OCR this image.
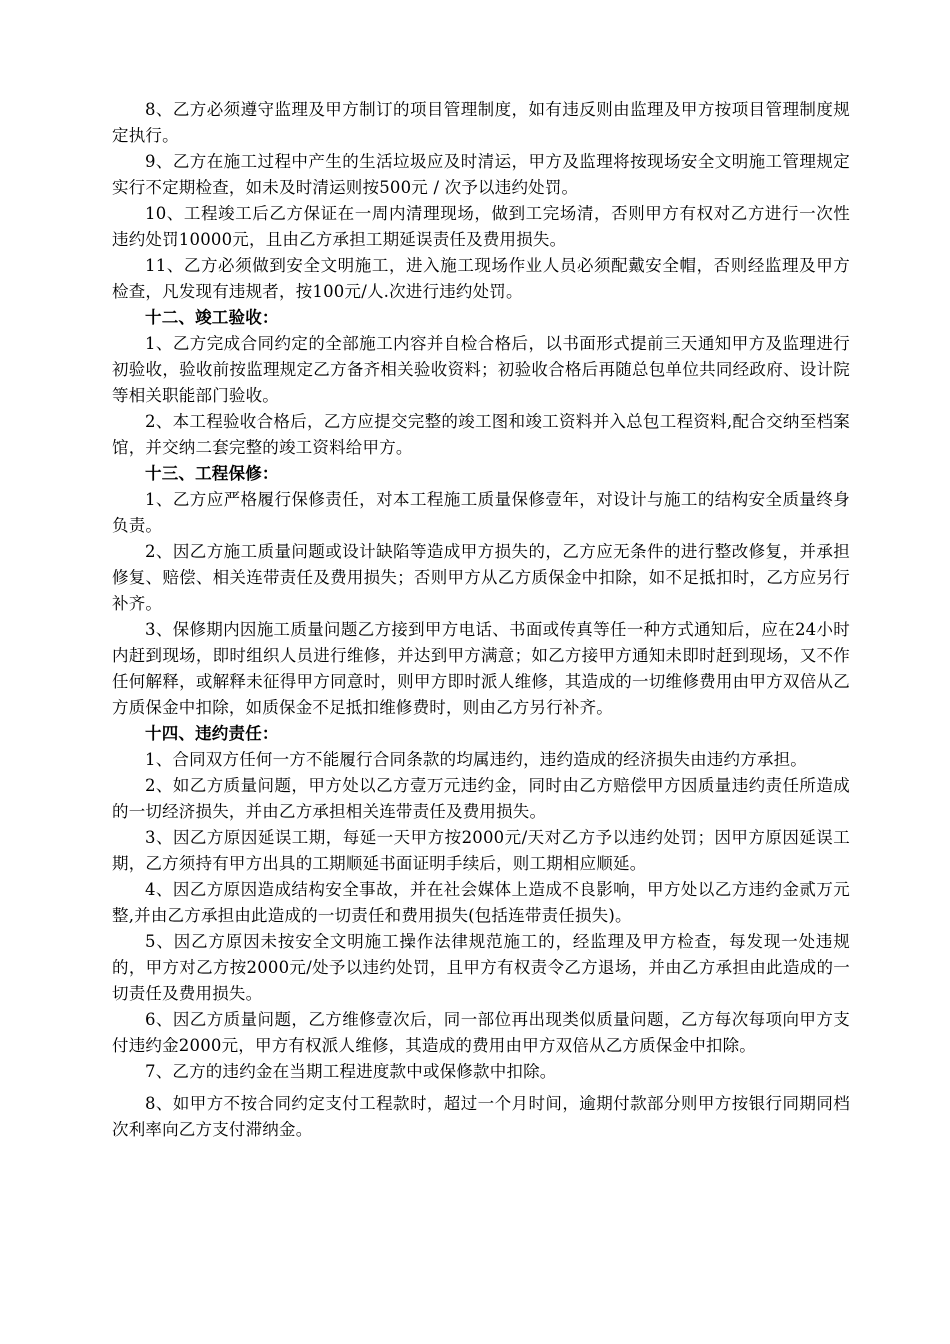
8、乙方必须遵守监理及甲方制订的项目管理制度，如有违反则由监理及甲方按项目管理制度规定执行。

9、乙方在施工过程中产生的生活垃圾应及时清运，甲方及监理将按现场安全文明施工管理规定实行不定期检查，如未及时清运则按500元 / 次予以违约处罚。

10、工程竣工后乙方保证在一周内清理现场，做到工完场清，否则甲方有权对乙方进行一次性违约处罚10000元，且由乙方承担工期延误责任及费用损失。

11、乙方必须做到安全文明施工，进入施工现场作业人员必须配戴安全帽，否则经监理及甲方检查，凡发现有违规者，按100元/人.次进行违约处罚。

十二、竣工验收：

1、乙方完成合同约定的全部施工内容并自检合格后，以书面形式提前三天通知甲方及监理进行初验收，验收前按监理规定乙方备齐相关验收资料；初验收合格后再随总包单位共同经政府、设计院等相关职能部门验收。

2、本工程验收合格后，乙方应提交完整的竣工图和竣工资料并入总包工程资料,配合交纳至档案馆，并交纳二套完整的竣工资料给甲方。

十三、工程保修：

1、乙方应严格履行保修责任，对本工程施工质量保修壹年，对设计与施工的结构安全质量终身负责。

2、因乙方施工质量问题或设计缺陷等造成甲方损失的，乙方应无条件的进行整改修复，并承担修复、赔偿、相关连带责任及费用损失；否则甲方从乙方质保金中扣除，如不足抵扣时，乙方应另行补齐。

3、保修期内因施工质量问题乙方接到甲方电话、书面或传真等任一种方式通知后，应在24小时内赶到现场，即时组织人员进行维修，并达到甲方满意；如乙方接甲方通知未即时赶到现场，又不作任何解释，或解释未征得甲方同意时，则甲方即时派人维修，其造成的一切维修费用由甲方双倍从乙方质保金中扣除，如质保金不足抵扣维修费时，则由乙方另行补齐。

十四、违约责任：

1、合同双方任何一方不能履行合同条款的均属违约，违约造成的经济损失由违约方承担。

2、如乙方质量问题，甲方处以乙方壹万元违约金，同时由乙方赔偿甲方因质量违约责任所造成的一切经济损失，并由乙方承担相关连带责任及费用损失。

3、因乙方原因延误工期，每延一天甲方按2000元/天对乙方予以违约处罚；因甲方原因延误工期，乙方须持有甲方出具的工期顺延书面证明手续后，则工期相应顺延。

4、因乙方原因造成结构安全事故，并在社会媒体上造成不良影响，甲方处以乙方违约金贰万元整,并由乙方承担由此造成的一切责任和费用损失(包括连带责任损失)。

5、因乙方原因未按安全文明施工操作法律规范施工的，经监理及甲方检查，每发现一处违规的，甲方对乙方按2000元/处予以违约处罚，且甲方有权责令乙方退场，并由乙方承担由此造成的一切责任及费用损失。

6、因乙方质量问题，乙方维修壹次后，同一部位再出现类似质量问题，乙方每次每项向甲方支付违约金2000元，甲方有权派人维修，其造成的费用由甲方双倍从乙方质保金中扣除。

7、乙方的违约金在当期工程进度款中或保修款中扣除。

8、如甲方不按合同约定支付工程款时，超过一个月时间，逾期付款部分则甲方按银行同期同档次利率向乙方支付滞纳金。
